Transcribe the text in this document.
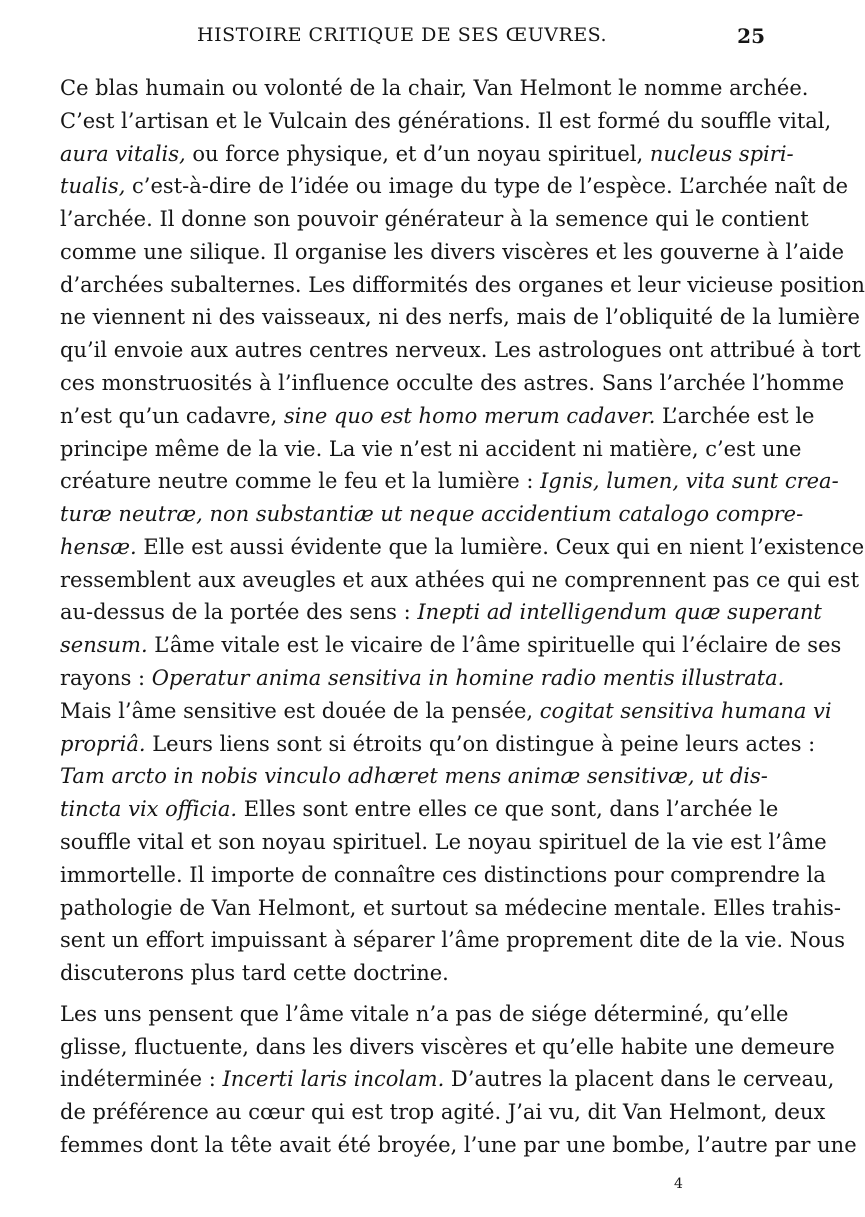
HISTOIRE CRITIQUE DE SES ŒUVRES.	25
Ce blas humain ou volonté de la chair, Van Helmont le nomme archée.
C’est l’artisan et le Vulcain des générations. Il est formé du souffle vital,
aura vitalis, ou force physique, et d’un noyau spirituel, nucleus spiri-
tualis, c’est-à-dire de l’idée ou image du type de l’espèce. L’archée naît de
l’archée. Il donne son pouvoir générateur à la semence qui le contient
comme une silique. Il organise les divers viscères et les gouverne à l’aide
d’archées subalternes. Les difformités des organes et leur vicieuse position
ne viennent ni des vaisseaux, ni des nerfs, mais de l’obliquité de la lumière
qu’il envoie aux autres centres nerveux. Les astrologues ont attribué à tort
ces monstruosités à l’influence occulte des astres. Sans l’archée l’homme
n’est qu’un cadavre, sine quo est homo merum cadaver. L’archée est le
principe même de la vie. La vie n’est ni accident ni matière, c’est une
créature neutre comme le feu et la lumière : Ignis, lumen, vita sunt crea-
turæ neutræ, non substantiæ ut neque accidentium catalogo compre-
hensæ. Elle est aussi évidente que la lumière. Ceux qui en nient l’existence
ressemblent aux aveugles et aux athées qui ne comprennent pas ce qui est
au-dessus de la portée des sens : Inepti ad intelligendum quæ superant
sensum. L’âme vitale est le vicaire de l’âme spirituelle qui l’éclaire de ses
rayons : Operatur anima sensitiva in homine radio mentis illustrata.
Mais l’âme sensitive est douée de la pensée, cogitat sensitiva humana vi
propriâ. Leurs liens sont si étroits qu’on distingue à peine leurs actes :
Tam arcto in nobis vinculo adhæret mens animæ sensitivæ, ut dis-
tincta vix officia. Elles sont entre elles ce que sont, dans l’archée le
souffle vital et son noyau spirituel. Le noyau spirituel de la vie est l’âme
immortelle. Il importe de connaître ces distinctions pour comprendre la
pathologie de Van Helmont, et surtout sa médecine mentale. Elles trahis-
sent un effort impuissant à séparer l’âme proprement dite de la vie. Nous
discuterons plus tard cette doctrine.
Les uns pensent que l’âme vitale n’a pas de siége déterminé, qu’elle
glisse, fluctuente, dans les divers viscères et qu’elle habite une demeure
indéterminée : Incerti laris incolam. D’autres la placent dans le cerveau,
de préférence au cœur qui est trop agité. J’ai vu, dit Van Helmont, deux
femmes dont la tête avait été broyée, l’une par une bombe, l’autre par une
4
